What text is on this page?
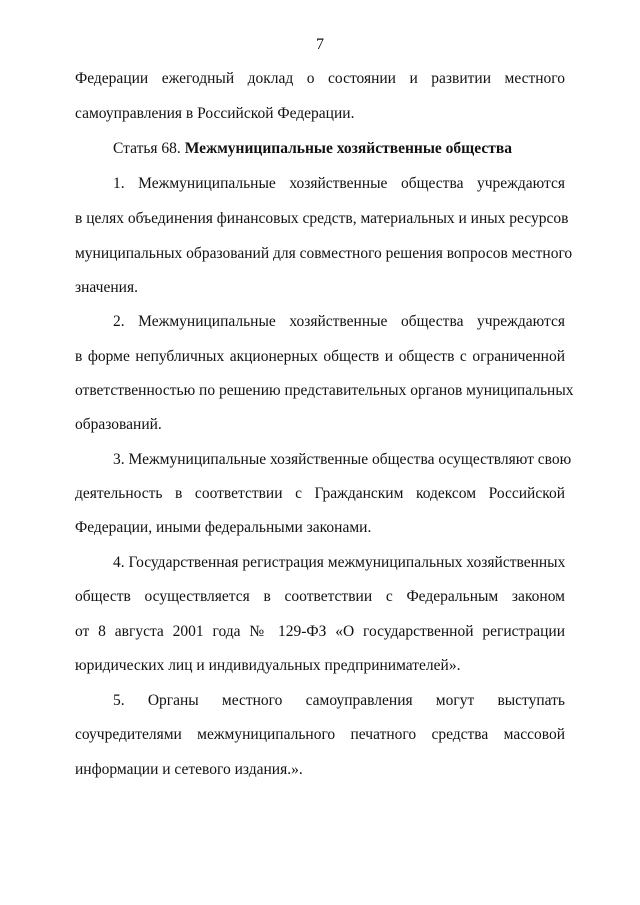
7
Федерации ежегодный доклад о состоянии и развитии местного
самоуправления в Российской Федерации.
Статья 68. Межмуниципальные хозяйственные общества
1. Межмуниципальные хозяйственные общества учреждаются
в целях объединения финансовых средств, материальных и иных ресурсов
муниципальных образований для совместного решения вопросов местного
значения.
2. Межмуниципальные хозяйственные общества учреждаются
в форме непубличных акционерных обществ и обществ с ограниченной
ответственностью по решению представительных органов муниципальных
образований.
3. Межмуниципальные хозяйственные общества осуществляют свою
деятельность в соответствии с Гражданским кодексом Российской
Федерации, иными федеральными законами.
4. Государственная регистрация межмуниципальных хозяйственных
обществ осуществляется в соответствии с Федеральным законом
от 8 августа 2001 года № 129-ФЗ «О государственной регистрации
юридических лиц и индивидуальных предпринимателей».
5. Органы местного самоуправления могут выступать
соучредителями межмуниципального печатного средства массовой
информации и сетевого издания.».
